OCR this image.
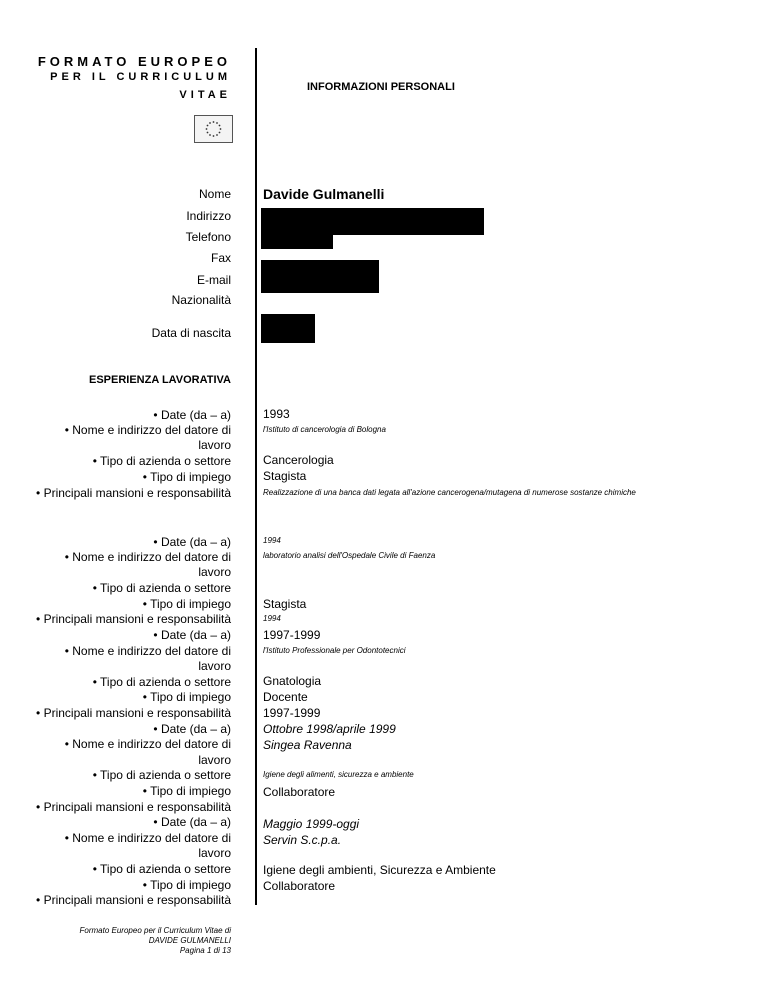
FORMATO EUROPEO
PER IL CURRICULUM
VITAE
INFORMAZIONI PERSONALI
Nome Davide Gulmanelli
Indirizzo
Telefono
Fax
E-mail
Nazionalità
Data di nascita
ESPERIENZA LAVORATIVA
• Date (da – a)
• Nome e indirizzo del datore di
lavoro
• Tipo di azienda o settore
• Tipo di impiego
• Principali mansioni e responsabilità
1993
l'Istituto di cancerologia di Bologna
Cancerologia
Stagista
Realizzazione di una banca dati legata all'azione cancerogena/mutagena di numerose sostanze chimiche
• Date (da – a)
• Nome e indirizzo del datore di
lavoro
• Tipo di azienda o settore
• Tipo di impiego
• Principali mansioni e responsabilità
1994
laboratorio analisi dell'Ospedale Civile di Faenza
Stagista
1994
• Date (da – a)
• Nome e indirizzo del datore di
lavoro
• Tipo di azienda o settore
• Tipo di impiego
• Principali mansioni e responsabilità
1997-1999
l'Istituto Professionale per Odontotecnici
Gnatologia
Docente
1997-1999
• Date (da – a)
• Nome e indirizzo del datore di
lavoro
• Tipo di azienda o settore
• Tipo di impiego
• Principali mansioni e responsabilità
Ottobre 1998/aprile 1999
Singea Ravenna
Igiene degli alimenti, sicurezza e ambiente
Collaboratore
• Date (da – a)
• Nome e indirizzo del datore di
lavoro
• Tipo di azienda o settore
• Tipo di impiego
• Principali mansioni e responsabilità
Maggio 1999-oggi
Servin S.c.p.a.
Igiene degli ambienti, Sicurezza e Ambiente
Collaboratore
Formato Europeo per il Curriculum Vitae di
DAVIDE GULMANELLI
Pagina 1 di 13
